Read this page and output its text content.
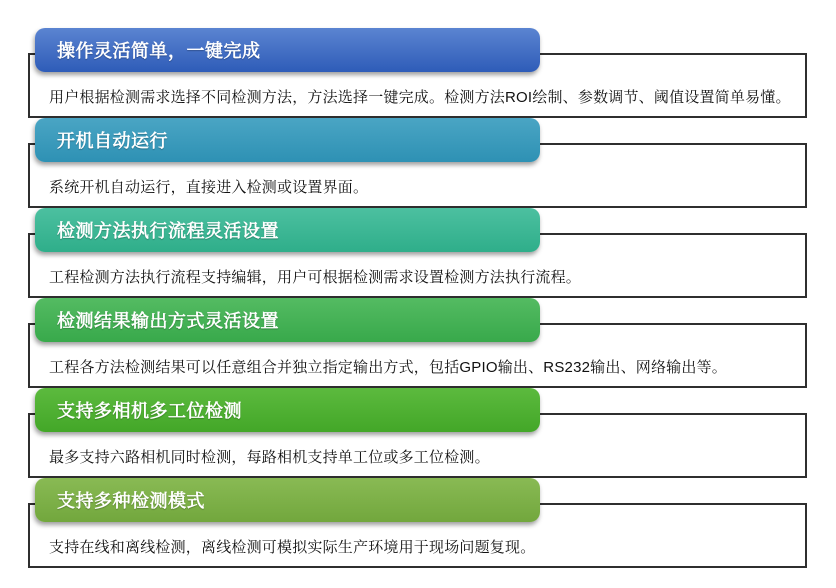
用户根据检测需求选择不同检测方法，方法选择一键完成。检测方法ROI绘制、参数调节、阈值设置简单易懂。

操作灵活简单，一键完成

系统开机自动运行，直接进入检测或设置界面。

开机自动运行

工程检测方法执行流程支持编辑，用户可根据检测需求设置检测方法执行流程。

检测方法执行流程灵活设置

工程各方法检测结果可以任意组合并独立指定输出方式，包括GPIO输出、RS232输出、网络输出等。

检测结果输出方式灵活设置

最多支持六路相机同时检测，每路相机支持单工位或多工位检测。

支持多相机多工位检测

支持在线和离线检测，离线检测可模拟实际生产环境用于现场问题复现。

支持多种检测模式
